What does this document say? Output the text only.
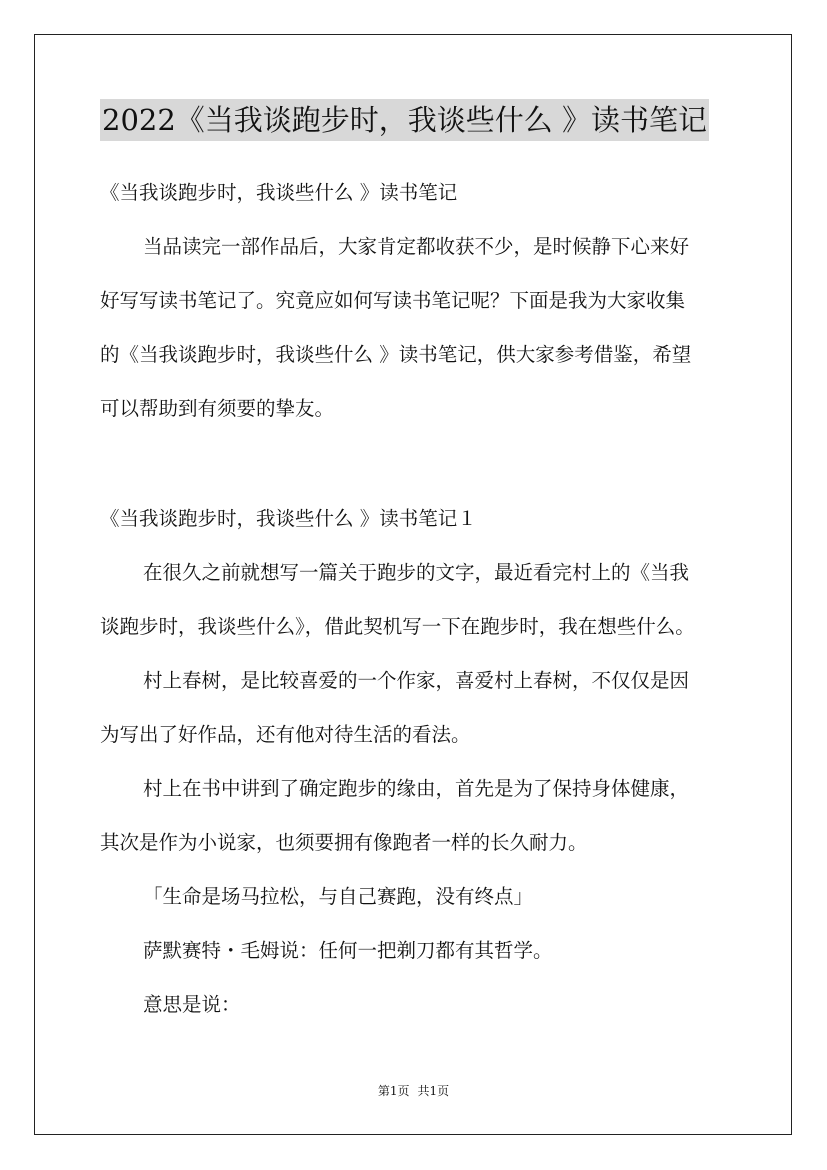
2022《当我谈跑步时，我谈些什么 》读书笔记
《当我谈跑步时，我谈些什么 》读书笔记
当品读完一部作品后，大家肯定都收获不少，是时候静下心来好
好写写读书笔记了。究竟应如何写读书笔记呢？下面是我为大家收集
的《当我谈跑步时，我谈些什么 》读书笔记，供大家参考借鉴，希望
可以帮助到有须要的挚友。
《当我谈跑步时，我谈些什么 》读书笔记１
在很久之前就想写一篇关于跑步的文字，最近看完村上的《当我
谈跑步时，我谈些什么》，借此契机写一下在跑步时，我在想些什么。
村上春树，是比较喜爱的一个作家，喜爱村上春树，不仅仅是因
为写出了好作品，还有他对待生活的看法。
村上在书中讲到了确定跑步的缘由，首先是为了保持身体健康，
其次是作为小说家，也须要拥有像跑者一样的长久耐力。
「生命是场马拉松，与自己赛跑，没有终点」
萨默赛特・毛姆说：任何一把剃刀都有其哲学。
意思是说：
第1页 共1页
